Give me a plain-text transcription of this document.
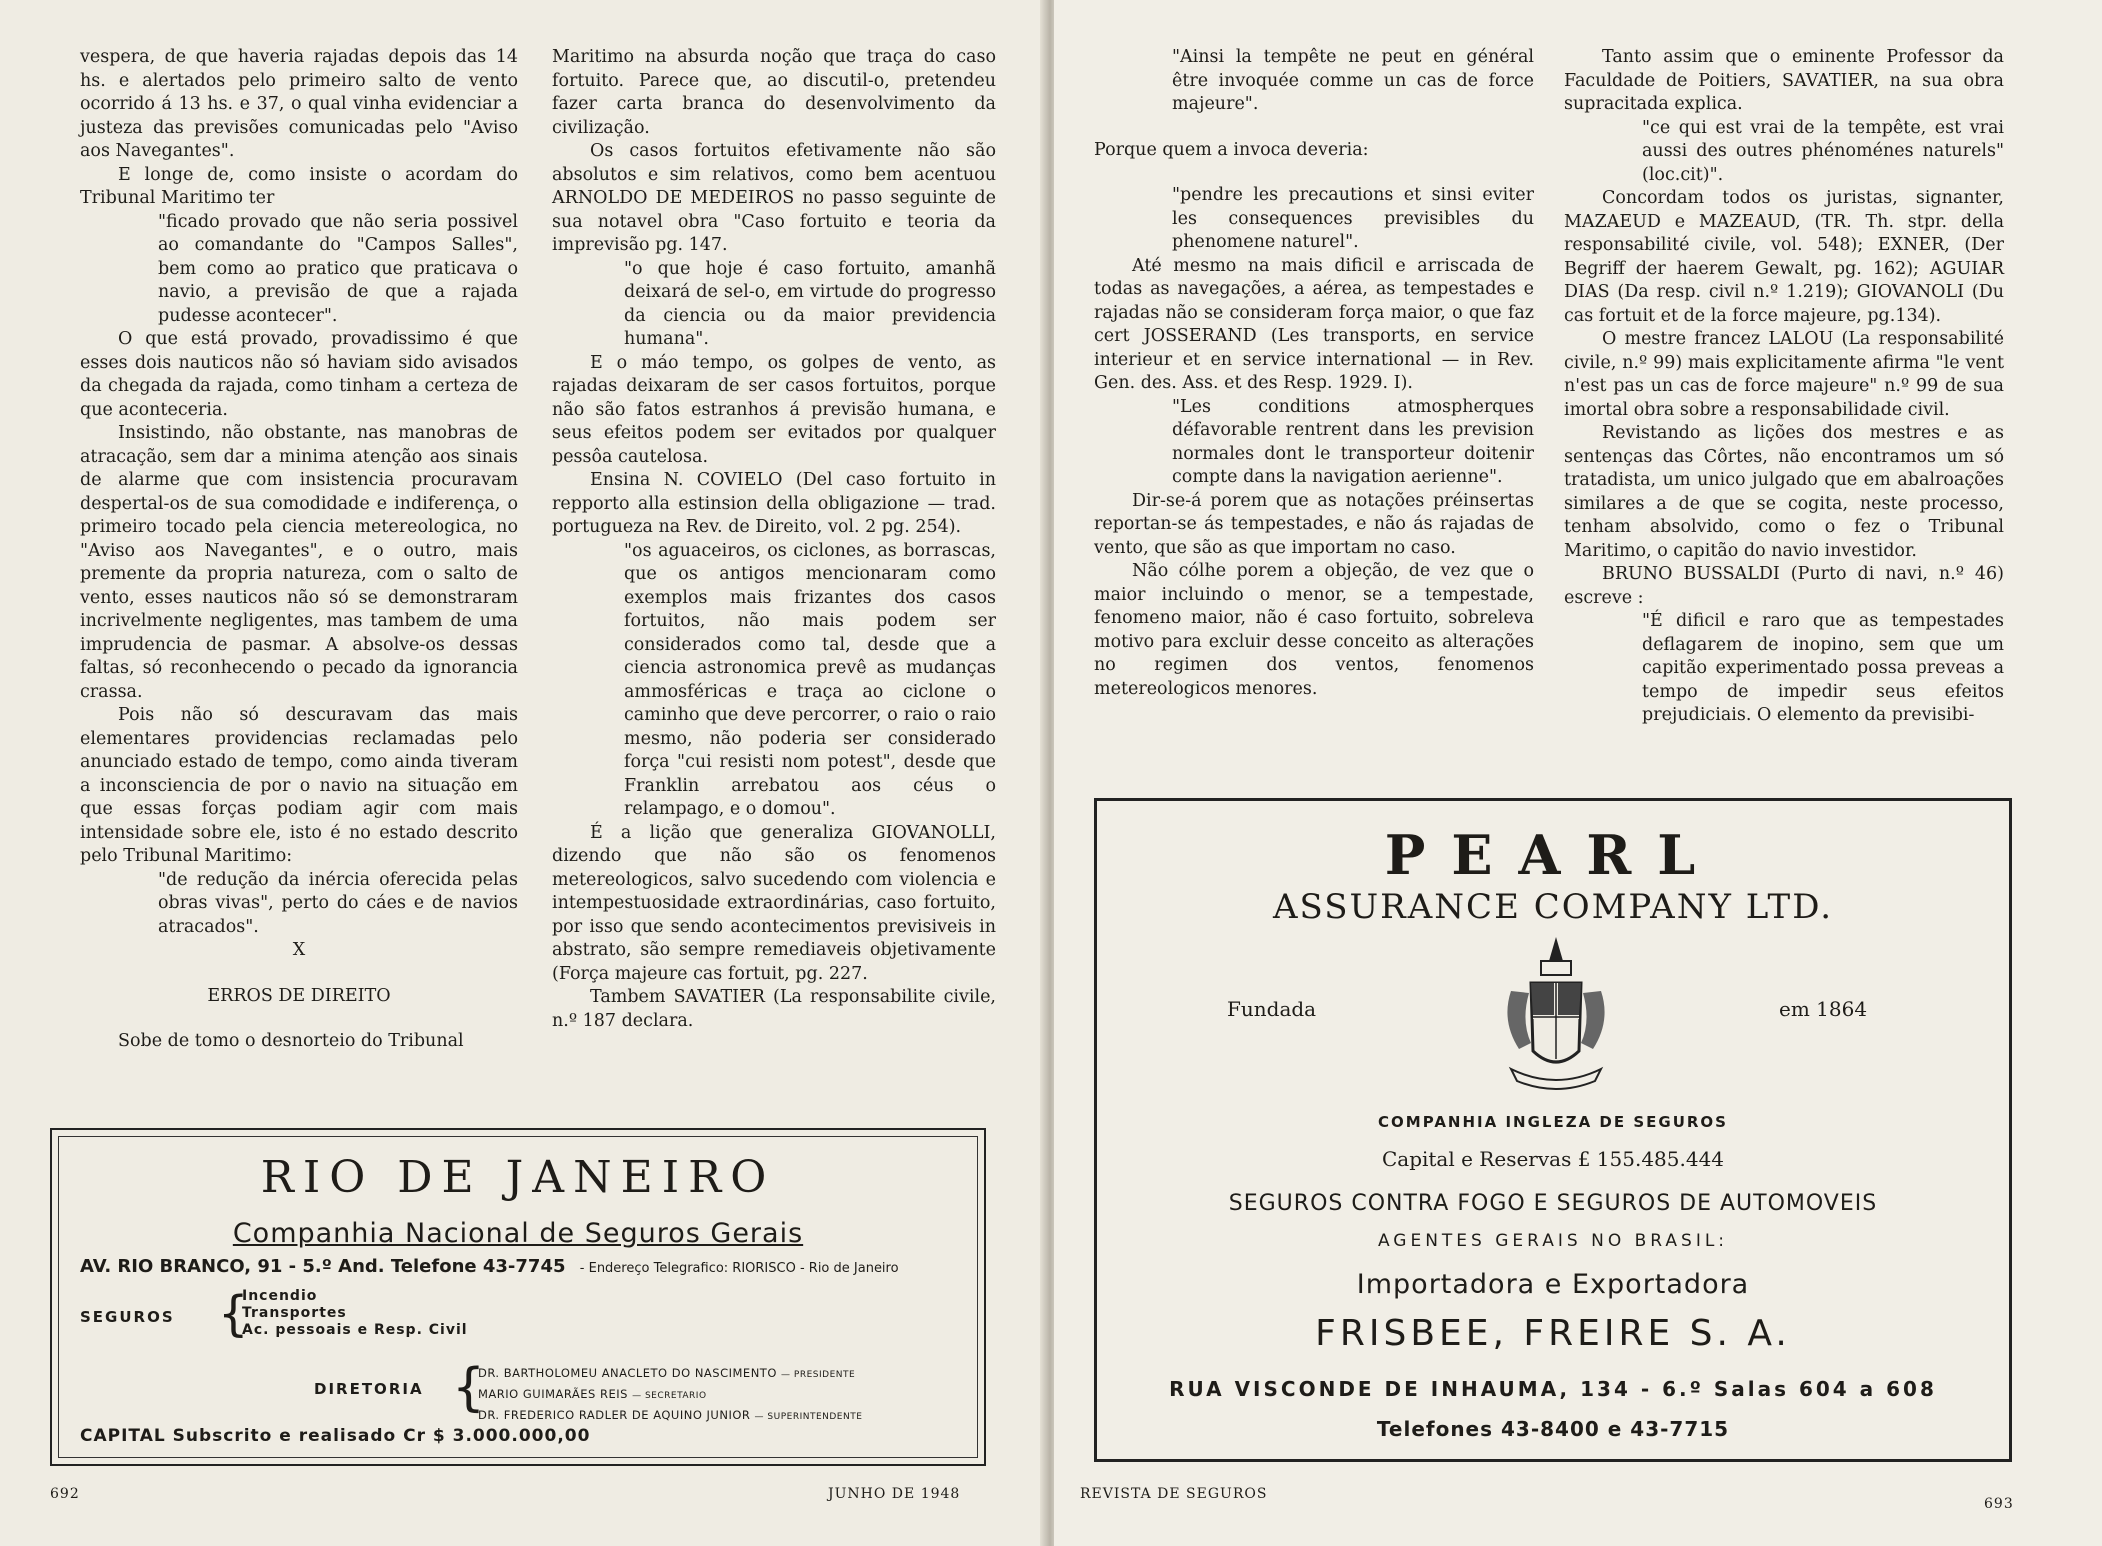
vespera, de que haveria rajadas depois das 14 hs. e alertados pelo primeiro salto de vento ocorrido á 13 hs. e 37, o qual vinha evidenciar a justeza das previsões comunicadas pelo "Aviso aos Navegantes".

E longe de, como insiste o acordam do Tribunal Maritimo ter

"ficado provado que não seria possivel ao comandante do "Campos Salles", bem como ao pratico que praticava o navio, a previsão de que a rajada pudesse acontecer".

O que está provado, provadissimo é que esses dois nauticos não só haviam sido avisados da chegada da rajada, como tinham a certeza de que aconteceria.

Insistindo, não obstante, nas manobras de atracação, sem dar a minima atenção aos sinais de alarme que com insistencia procuravam despertal-os de sua comodidade e indiferença, o primeiro tocado pela ciencia metereologica, no "Aviso aos Navegantes", e o outro, mais premente da propria natureza, com o salto de vento, esses nauticos não só se demonstraram incrivelmente negligentes, mas tambem de uma imprudencia de pasmar. A absolve-os dessas faltas, só reconhecendo o pecado da ignorancia crassa.

Pois não só descuravam das mais elementares providencias reclamadas pelo anunciado estado de tempo, como ainda tiveram a inconsciencia de por o navio na situação em que essas forças podiam agir com mais intensidade sobre ele, isto é no estado descrito pelo Tribunal Maritimo:

"de redução da inércia oferecida pelas obras vivas", perto do cáes e de navios atracados".

X

ERROS DE DIREITO

Sobe de tomo o desnorteio do Tribunal

Maritimo na absurda noção que traça do caso fortuito. Parece que, ao discutil-o, pretendeu fazer carta branca do desenvolvimento da civilização.

Os casos fortuitos efetivamente não são absolutos e sim relativos, como bem acentuou ARNOLDO DE MEDEIROS no passo seguinte de sua notavel obra "Caso fortuito e teoria da imprevisão pg. 147.

"o que hoje é caso fortuito, amanhã deixará de sel-o, em virtude do progresso da ciencia ou da maior previdencia humana".

E o máo tempo, os golpes de vento, as rajadas deixaram de ser casos fortuitos, porque não são fatos estranhos á previsão humana, e seus efeitos podem ser evitados por qualquer pessôa cautelosa.

Ensina N. COVIELO (Del caso fortuito in repporto alla estinsion della obligazione — trad. portugueza na Rev. de Direito, vol. 2 pg. 254).

"os aguaceiros, os ciclones, as borrascas, que os antigos mencionaram como exemplos mais frizantes dos casos fortuitos, não mais podem ser considerados como tal, desde que a ciencia astronomica prevê as mudanças ammosféricas e traça ao ciclone o caminho que deve percorrer, o raio o raio mesmo, não poderia ser considerado força "cui resisti nom potest", desde que Franklin arrebatou aos céus o relampago, e o domou".

É a lição que generaliza GIOVANOLLI, dizendo que não são os fenomenos metereologicos, salvo sucedendo com violencia e intempestuosidade extraordinárias, caso fortuito, por isso que sendo acontecimentos previsiveis in abstrato, são sempre remediaveis objetivamente (Força majeure cas fortuit, pg. 227.

Tambem SAVATIER (La responsabilite civile, n.º 187 declara.

RIO DE JANEIRO
Companhia Nacional de Seguros Gerais
AV. RIO BRANCO, 91 - 5.º And. Telefone 43-7745 - Endereço Telegrafico: RIORISCO - Rio de Janeiro
SEGUROS {
Incendio
Transportes
Ac. pessoais e Resp. Civil
DIRETORIA {
DR. BARTHOLOMEU ANACLETO DO NASCIMENTO — PRESIDENTE
MARIO GUIMARÃES REIS — SECRETARIO
DR. FREDERICO RADLER DE AQUINO JUNIOR — SUPERINTENDENTE
CAPITAL Subscrito e realisado Cr $ 3.000.000,00
692	JUNHO DE 1948

"Ainsi la tempête ne peut en général être invoquée comme un cas de force majeure".

Porque quem a invoca deveria:

"pendre les precautions et sinsi eviter les consequences previsibles du phenomene naturel".

Até mesmo na mais dificil e arriscada de todas as navegações, a aérea, as tempestades e rajadas não se consideram força maior, o que faz cert JOSSERAND (Les transports, en service interieur et en service international — in Rev. Gen. des. Ass. et des Resp. 1929. I).

"Les conditions atmospherques défavorable rentrent dans les prevision normales dont le transporteur doitenir compte dans la navigation aerienne".

Dir-se-á porem que as notações préinsertas reportan-se ás tempestades, e não ás rajadas de vento, que são as que importam no caso.

Não cólhe porem a objeção, de vez que o maior incluindo o menor, se a tempestade, fenomeno maior, não é caso fortuito, sobreleva motivo para excluir desse conceito as alterações no regimen dos ventos, fenomenos metereologicos menores.

Tanto assim que o eminente Professor da Faculdade de Poitiers, SAVATIER, na sua obra supracitada explica.

"ce qui est vrai de la tempête, est vrai aussi des outres phénoménes naturels" (loc.cit)".

Concordam todos os juristas, signanter, MAZAEUD e MAZEAUD, (TR. Th. stpr. della responsabilité civile, vol. 548); EXNER, (Der Begriff der haerem Gewalt, pg. 162); AGUIAR DIAS (Da resp. civil n.º 1.219); GIOVANOLI (Du cas fortuit et de la force majeure, pg.134).

O mestre francez LALOU (La responsabilité civile, n.º 99) mais explicitamente afirma "le vent n'est pas un cas de force majeure" n.º 99 de sua imortal obra sobre a responsabilidade civil.

Revistando as lições dos mestres e as sentenças das Côrtes, não encontramos um só tratadista, um unico julgado que em abalroações similares a de que se cogita, neste processo, tenham absolvido, como o fez o Tribunal Maritimo, o capitão do navio investidor.

BRUNO BUSSALDI (Purto di navi, n.º 46) escreve :

"É dificil e raro que as tempestades deflagarem de inopino, sem que um capitão experimentado possa preveas a tempo de impedir seus efeitos prejudiciais. O elemento da previsibi-

PEARL
ASSURANCE COMPANY LTD.
Fundada	em 1864
COMPANHIA INGLEZA DE SEGUROS
Capital e Reservas £ 155.485.444
SEGUROS CONTRA FOGO E SEGUROS DE AUTOMOVEIS
AGENTES GERAIS NO BRASIL:
Importadora e Exportadora
FRISBEE, FREIRE S. A.
RUA VISCONDE DE INHAUMA, 134 - 6.º Salas 604 a 608
Telefones 43-8400 e 43-7715
REVISTA DE SEGUROS
693
